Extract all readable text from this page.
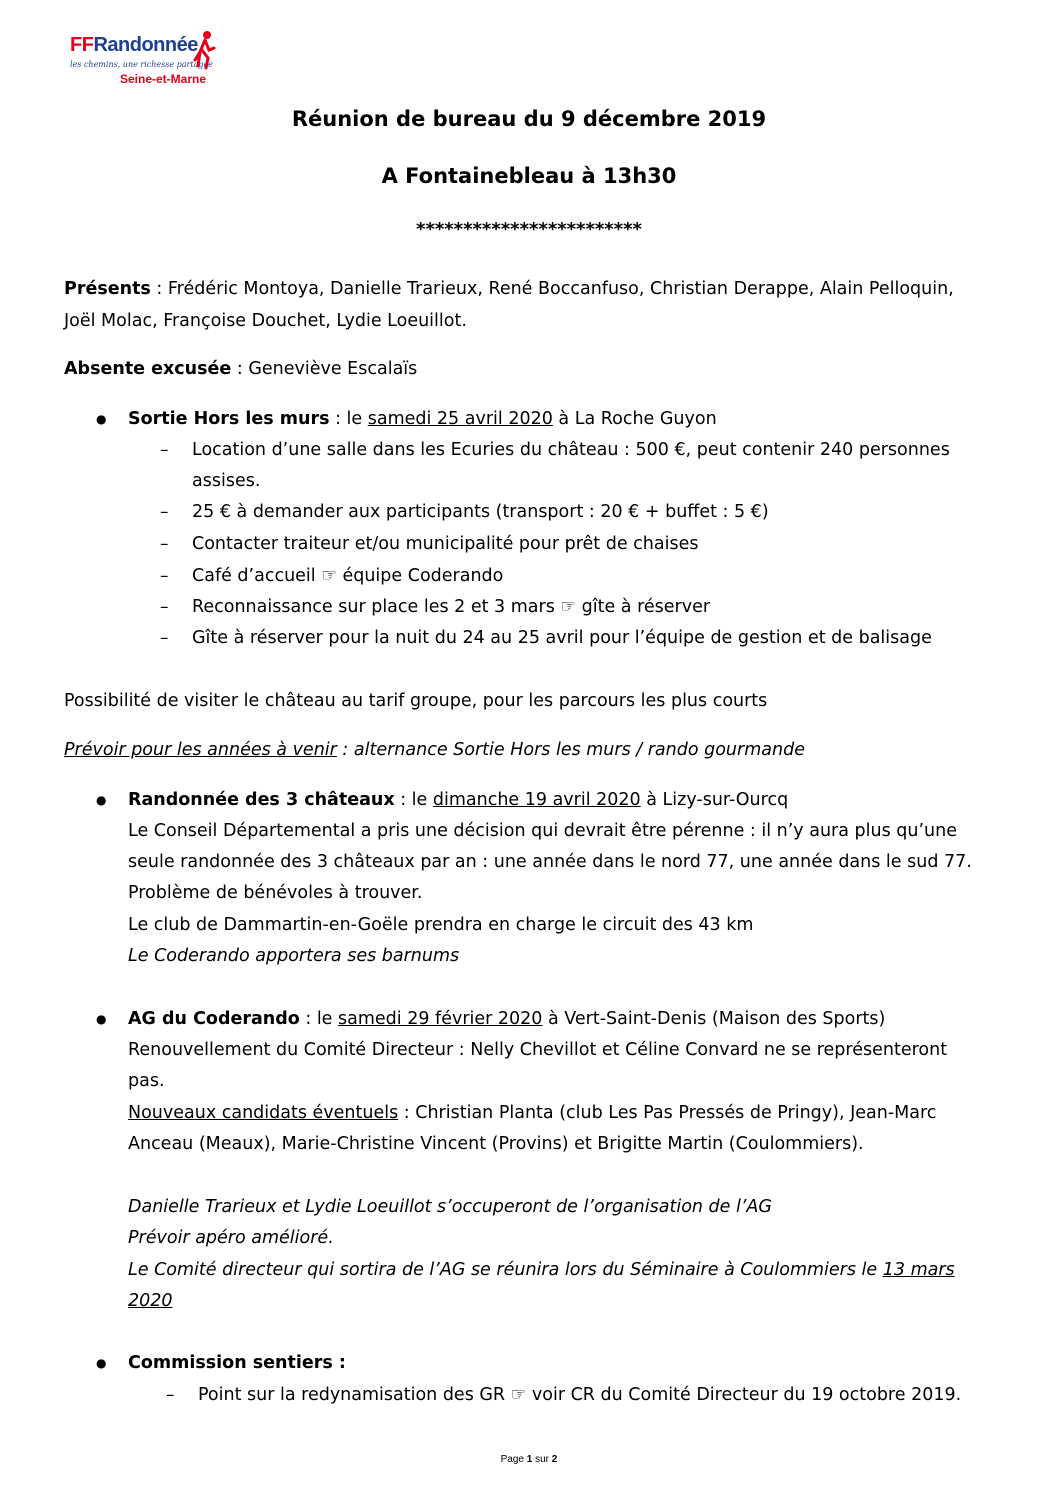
FFRandonnée
les chemins, une richesse partagée
Seine-et-Marne
Réunion de bureau du 9 décembre 2019
A Fontainebleau à 13h30
************************
Présents : Frédéric Montoya, Danielle Trarieux, René Boccanfuso, Christian Derappe, Alain Pelloquin,
Joël Molac, Françoise Douchet, Lydie Loeuillot.
Absente excusée : Geneviève Escalaïs
● Sortie Hors les murs : le samedi 25 avril 2020 à La Roche Guyon
– Location d’une salle dans les Ecuries du château : 500 €, peut contenir 240 personnes
assises.
– 25 € à demander aux participants (transport : 20 € + buffet : 5 €)
– Contacter traiteur et/ou municipalité pour prêt de chaises
– Café d’accueil ☞ équipe Coderando
– Reconnaissance sur place les 2 et 3 mars ☞ gîte à réserver
– Gîte à réserver pour la nuit du 24 au 25 avril pour l’équipe de gestion et de balisage
Possibilité de visiter le château au tarif groupe, pour les parcours les plus courts
Prévoir pour les années à venir : alternance Sortie Hors les murs / rando gourmande
● Randonnée des 3 châteaux : le dimanche 19 avril 2020 à Lizy-sur-Ourcq
Le Conseil Départemental a pris une décision qui devrait être pérenne : il n’y aura plus qu’une
seule randonnée des 3 châteaux par an : une année dans le nord 77, une année dans le sud 77.
Problème de bénévoles à trouver.
Le club de Dammartin-en-Goële prendra en charge le circuit des 43 km
Le Coderando apportera ses barnums
● AG du Coderando : le samedi 29 février 2020 à Vert-Saint-Denis (Maison des Sports)
Renouvellement du Comité Directeur : Nelly Chevillot et Céline Convard ne se représenteront
pas.
Nouveaux candidats éventuels : Christian Planta (club Les Pas Pressés de Pringy), Jean-Marc
Anceau (Meaux), Marie-Christine Vincent (Provins) et Brigitte Martin (Coulommiers).
Danielle Trarieux et Lydie Loeuillot s’occuperont de l’organisation de l’AG
Prévoir apéro amélioré.
Le Comité directeur qui sortira de l’AG se réunira lors du Séminaire à Coulommiers le 13 mars
2020
● Commission sentiers :
– Point sur la redynamisation des GR ☞ voir CR du Comité Directeur du 19 octobre 2019.
Page 1 sur 2
